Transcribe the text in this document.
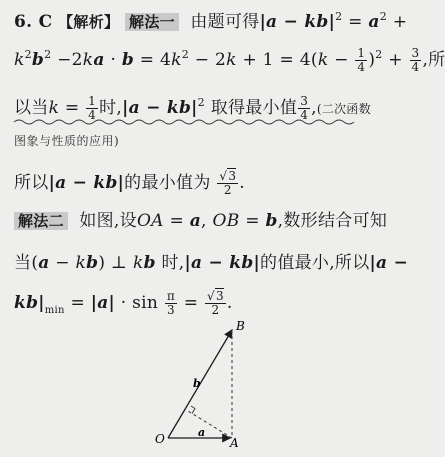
6. C 【解析】 解法一 由题可得$|a - kb|^2 = a^2$ +
$k^2b^2 -2ka \cdot b = 4k^2 - 2k + 1 = 4(k - \frac{1}{4} )^2 + \frac{3}{4}$ ,所
以当$k = \frac{1}{4}$ 时$,|a - kb|^2$ 取得最小值 $\frac{3}{4}$ ,(二次函数
图象与性质的应用)
所以|a − kb|的最小值为 $\frac{√3}{2}$ .
解法二 如图,设OA = a, OB = b,数形结合可知
当(a − kb) ⊥ kb 时,|a − kb|的值最小,所以|a −
$kb|_{min} = |a| \cdot \sin \frac{\pi}{3} = \frac{√3}{2}$ .
B
O	A
a
b
